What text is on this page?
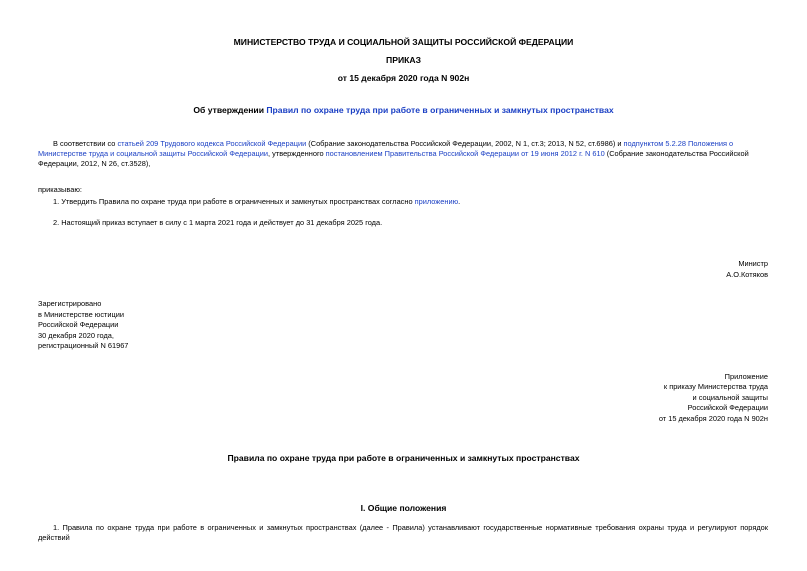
МИНИСТЕРСТВО ТРУДА И СОЦИАЛЬНОЙ ЗАЩИТЫ РОССИЙСКОЙ ФЕДЕРАЦИИ
ПРИКАЗ
от 15 декабря 2020 года N 902н
Об утверждении Правил по охране труда при работе в ограниченных и замкнутых пространствах
В соответствии со статьей 209 Трудового кодекса Российской Федерации (Собрание законодательства Российской Федерации, 2002, N 1, ст.3; 2013, N 52, ст.6986) и подпунктом 5.2.28 Положения о Министерстве труда и социальной защиты Российской Федерации, утвержденного постановлением Правительства Российской Федерации от 19 июня 2012 г. N 610 (Собрание законодательства Российской Федерации, 2012, N 26, ст.3528),
приказываю:
1. Утвердить Правила по охране труда при работе в ограниченных и замкнутых пространствах согласно приложению.
2. Настоящий приказ вступает в силу с 1 марта 2021 года и действует до 31 декабря 2025 года.
Министр
А.О.Котяков
Зарегистрировано
в Министерстве юстиции
Российской Федерации
30 декабря 2020 года,
регистрационный N 61967
Приложение
к приказу Министерства труда
и социальной защиты
Российской Федерации
от 15 декабря 2020 года N 902н
Правила по охране труда при работе в ограниченных и замкнутых пространствах
I. Общие положения
1. Правила по охране труда при работе в ограниченных и замкнутых пространствах (далее - Правила) устанавливают государственные нормативные требования охраны труда и регулируют порядок действий
